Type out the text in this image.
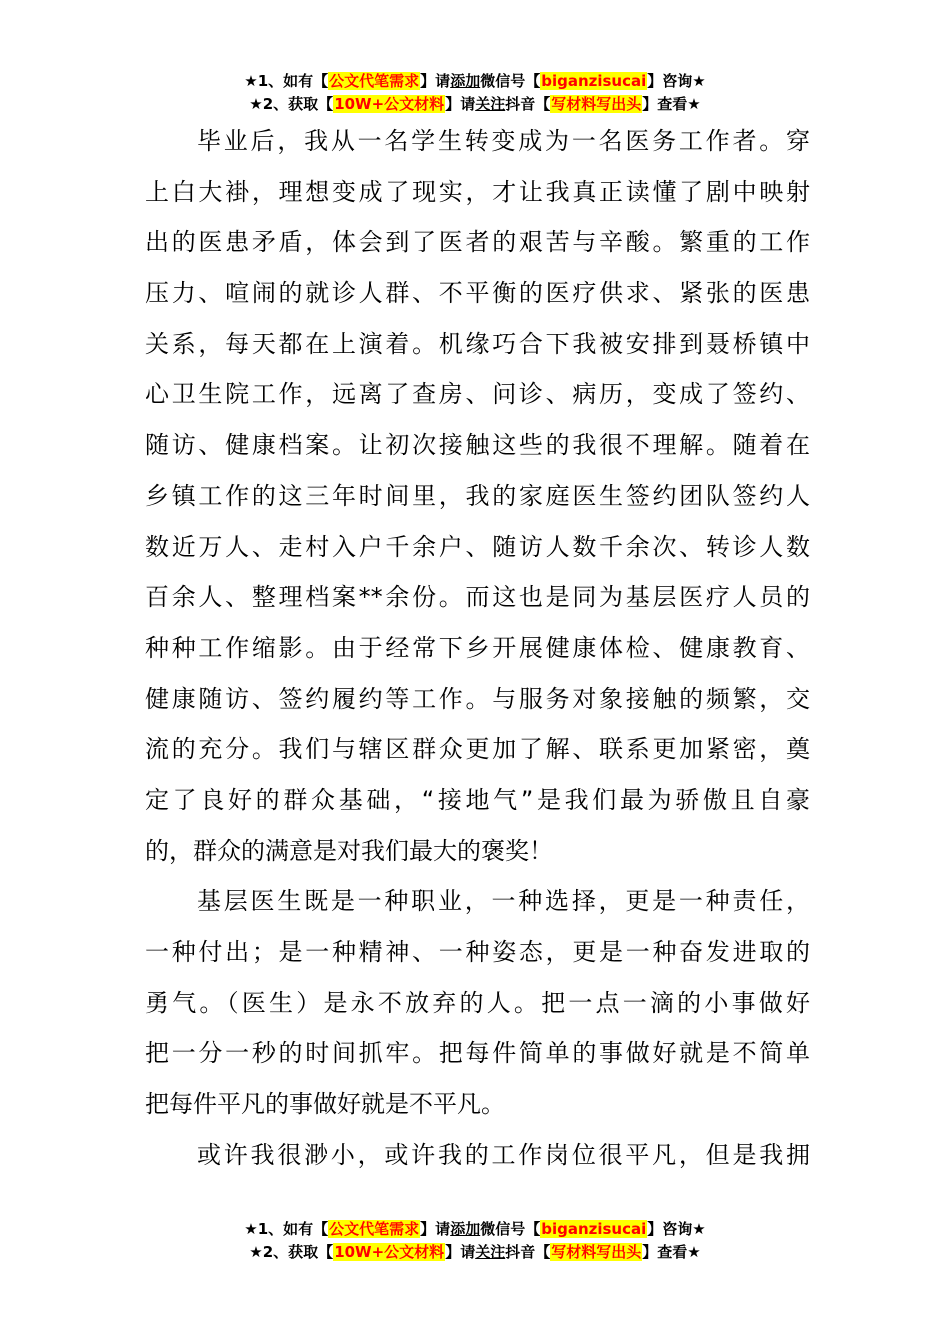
★1、如有【公文代笔需求】请添加微信号【biganzisucai】咨询★
★2、获取【10W+公文材料】请关注抖音【写材料写出头】查看★
毕业后，我从一名学生转变成为一名医务工作者。穿
上白大褂，理想变成了现实，才让我真正读懂了剧中映射
出的医患矛盾，体会到了医者的艰苦与辛酸。繁重的工作
压力、喧闹的就诊人群、不平衡的医疗供求、紧张的医患
关系，每天都在上演着。机缘巧合下我被安排到聂桥镇中
心卫生院工作，远离了查房、问诊、病历，变成了签约、
随访、健康档案。让初次接触这些的我很不理解。随着在
乡镇工作的这三年时间里，我的家庭医生签约团队签约人
数近万人、走村入户千余户、随访人数千余次、转诊人数
百余人、整理档案**余份。而这也是同为基层医疗人员的
种种工作缩影。由于经常下乡开展健康体检、健康教育、
健康随访、签约履约等工作。与服务对象接触的频繁，交
流的充分。我们与辖区群众更加了解、联系更加紧密，奠
定了良好的群众基础，“接地气”是我们最为骄傲且自豪
的，群众的满意是对我们最大的褒奖！
基层医生既是一种职业，一种选择，更是一种责任，
一种付出；是一种精神、一种姿态，更是一种奋发进取的
勇气。（医生）是永不放弃的人。把一点一滴的小事做好
把一分一秒的时间抓牢。把每件简单的事做好就是不简单
把每件平凡的事做好就是不平凡。
或许我很渺小，或许我的工作岗位很平凡，但是我拥
★1、如有【公文代笔需求】请添加微信号【biganzisucai】咨询★
★2、获取【10W+公文材料】请关注抖音【写材料写出头】查看★
